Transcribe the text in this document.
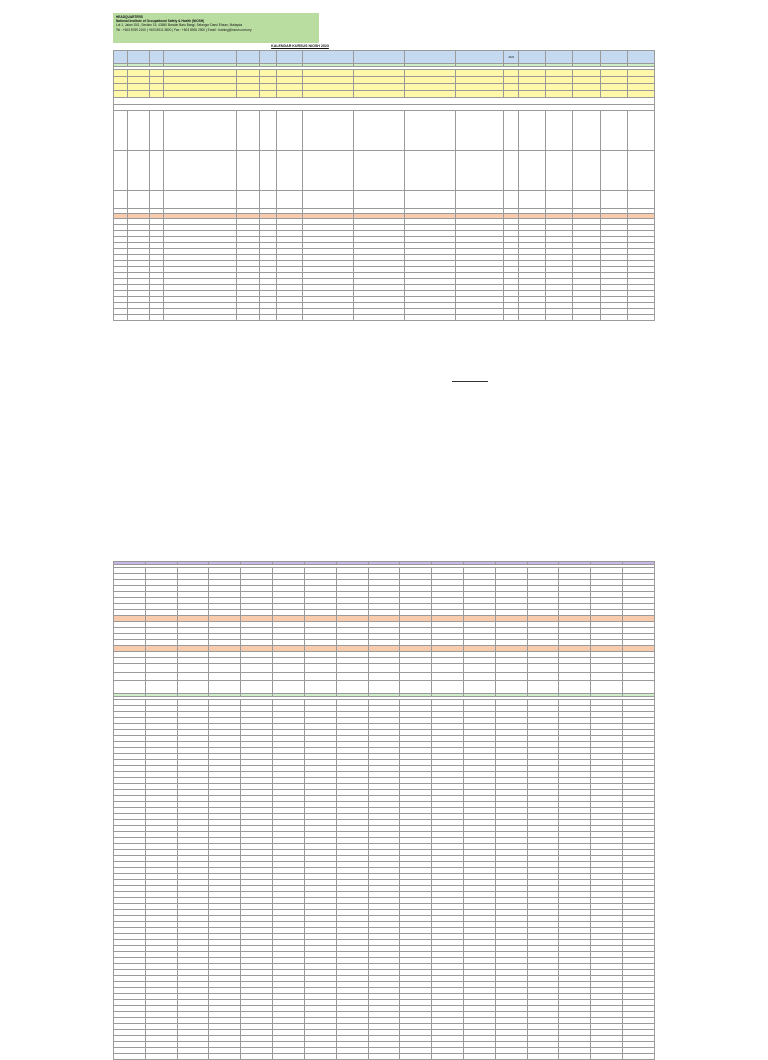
HEADQUARTERS
National Institute of Occupational Safety & Health (NIOSH)
Lot 1, Jalan 15/1, Section 15, 43650 Bandar Baru Bangi, Selangor Darul Ehsan, Malaysia
Tel : +603 8769 2100 | +603 8911 3800 | Fax : +603 8926 2900 | Email : training@niosh.com.my
KALENDAR KURSUS NIOSH 2023
											2023					
